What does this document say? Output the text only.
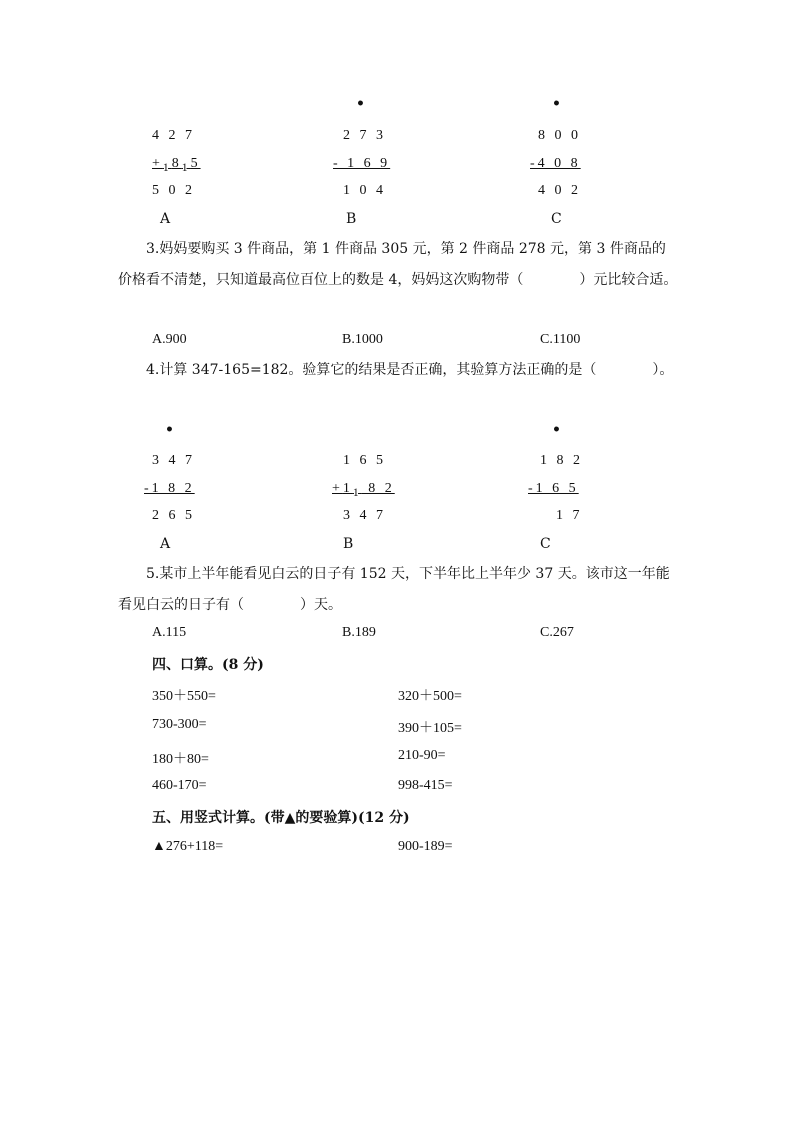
4 2 7
$+_18_15$
5 0 2
A
•
2 7 3
- 1 6 9
1 0 4
B
•
8 0 0
-4 0 8
4 0 2
C
3.妈妈要购买 3 件商品，第 1 件商品 305 元，第 2 件商品 278 元，第 3 件商品的价格看不清楚，只知道最高位百位上的数是 4，妈妈这次购物带（　　　　）元比较合适。
A.900	B.1000	C.1100
4.计算 347-165=182。验算它的结果是否正确，其验算方法正确的是（　　　　）。
•
3 4 7
-1 8 2
2 6 5
A
1 6 5
$+1_1$ 8 2
3 4 7
B
•
1 8 2
-1 6 5
1 7
C
5.某市上半年能看见白云的日子有 152 天，下半年比上半年少 37 天。该市这一年能看见白云的日子有（　　　　）天。
A.115	B.189	C.267
四、口算。(8 分)
350＋550=	320＋500=
730-300=	390＋105=
180＋80=	210-90=
460-170=	998-415=
五、用竖式计算。(带▲的要验算)(12 分)
▲276+118=	900-189=
